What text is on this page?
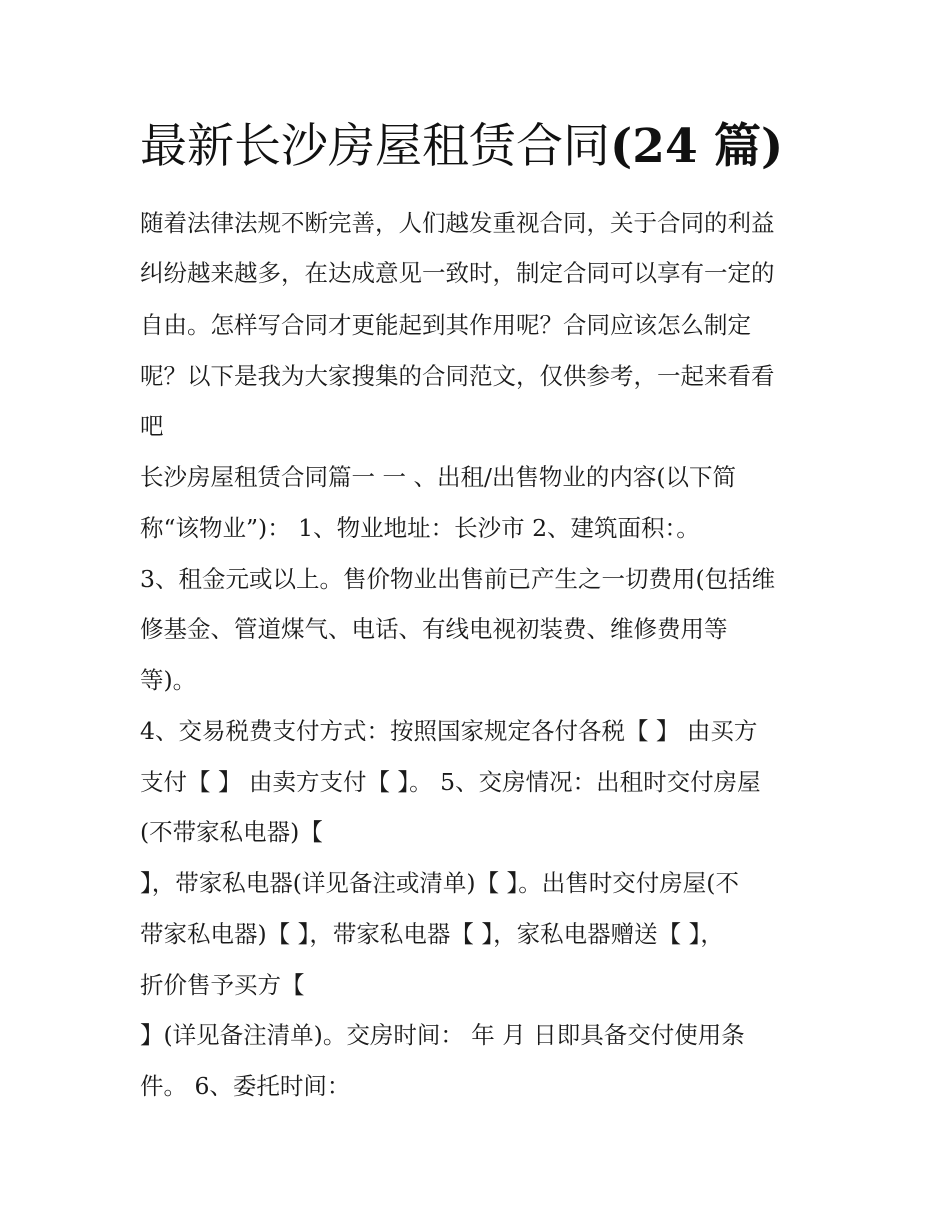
最新长沙房屋租赁合同(24 篇)

随着法律法规不断完善，人们越发重视合同，关于合同的利益

纠纷越来越多，在达成意见一致时，制定合同可以享有一定的

自由。怎样写合同才更能起到其作用呢？合同应该怎么制定

呢？以下是我为大家搜集的合同范文，仅供参考，一起来看看

吧

长沙房屋租赁合同篇一 一 、出租/出售物业的内容(以下简

称“该物业”)： 1、物业地址：长沙市 2、建筑面积：。

3、租金元或以上。售价物业出售前已产生之一切费用(包括维

修基金、管道煤气、电话、有线电视初装费、维修费用等

等)。

4、交易税费支付方式：按照国家规定各付各税【 】 由买方

支付【 】 由卖方支付【 】。 5、交房情况：出租时交付房屋

(不带家私电器)【

】，带家私电器(详见备注或清单)【 】。出售时交付房屋(不

带家私电器)【 】，带家私电器【 】，家私电器赠送【 】，

折价售予买方【

】(详见备注清单)。交房时间： 年 月 日即具备交付使用条

件。 6、委托时间：
